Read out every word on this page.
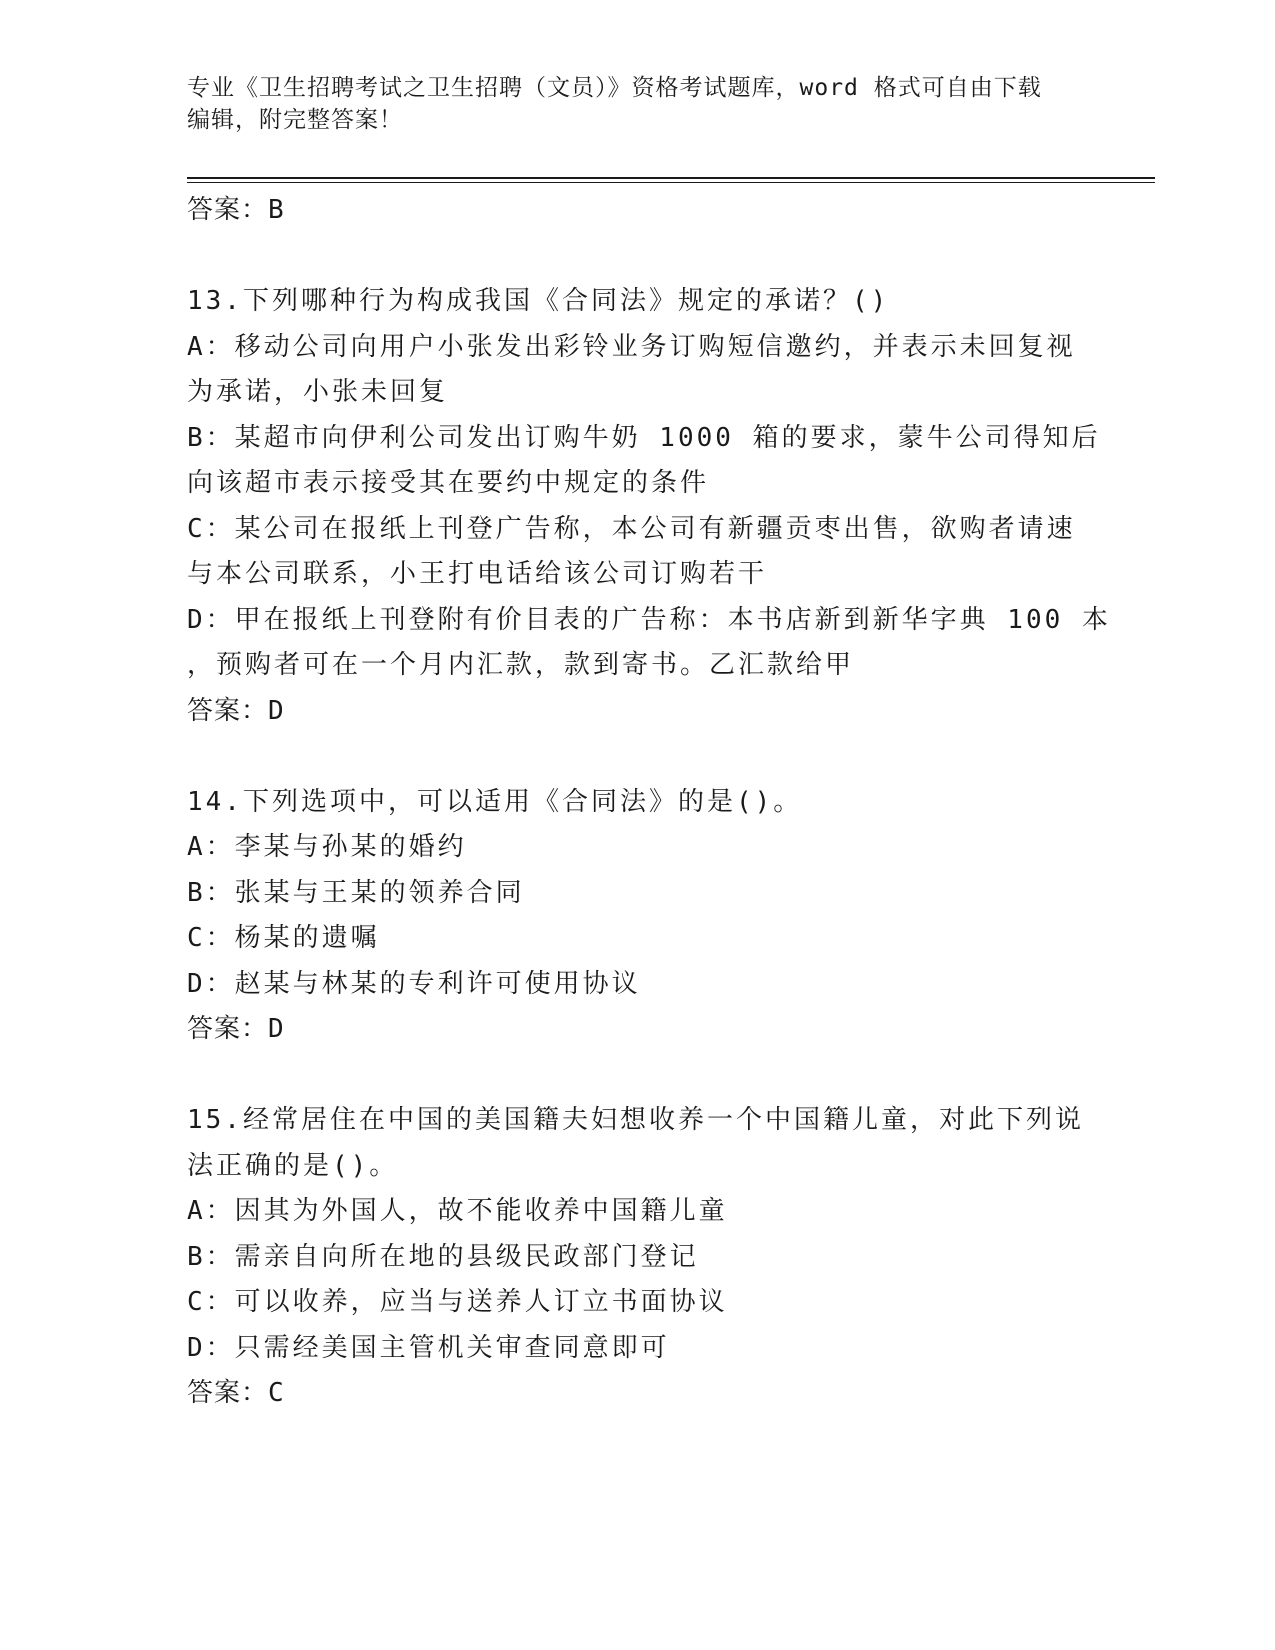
专业《卫生招聘考试之卫生招聘（文员）》资格考试题库，word 格式可自由下载
编辑，附完整答案！
答案：B
13.下列哪种行为构成我国《合同法》规定的承诺？()
A：移动公司向用户小张发出彩铃业务订购短信邀约，并表示未回复视
为承诺，小张未回复
B：某超市向伊利公司发出订购牛奶 1000 箱的要求，蒙牛公司得知后
向该超市表示接受其在要约中规定的条件
C：某公司在报纸上刊登广告称，本公司有新疆贡枣出售，欲购者请速
与本公司联系，小王打电话给该公司订购若干
D：甲在报纸上刊登附有价目表的广告称：本书店新到新华字典 100 本
，预购者可在一个月内汇款，款到寄书。乙汇款给甲
答案：D
14.下列选项中，可以适用《合同法》的是()。
A：李某与孙某的婚约
B：张某与王某的领养合同
C：杨某的遗嘱
D：赵某与林某的专利许可使用协议
答案：D
15.经常居住在中国的美国籍夫妇想收养一个中国籍儿童，对此下列说
法正确的是()。
A：因其为外国人，故不能收养中国籍儿童
B：需亲自向所在地的县级民政部门登记
C：可以收养，应当与送养人订立书面协议
D：只需经美国主管机关审查同意即可
答案：C
